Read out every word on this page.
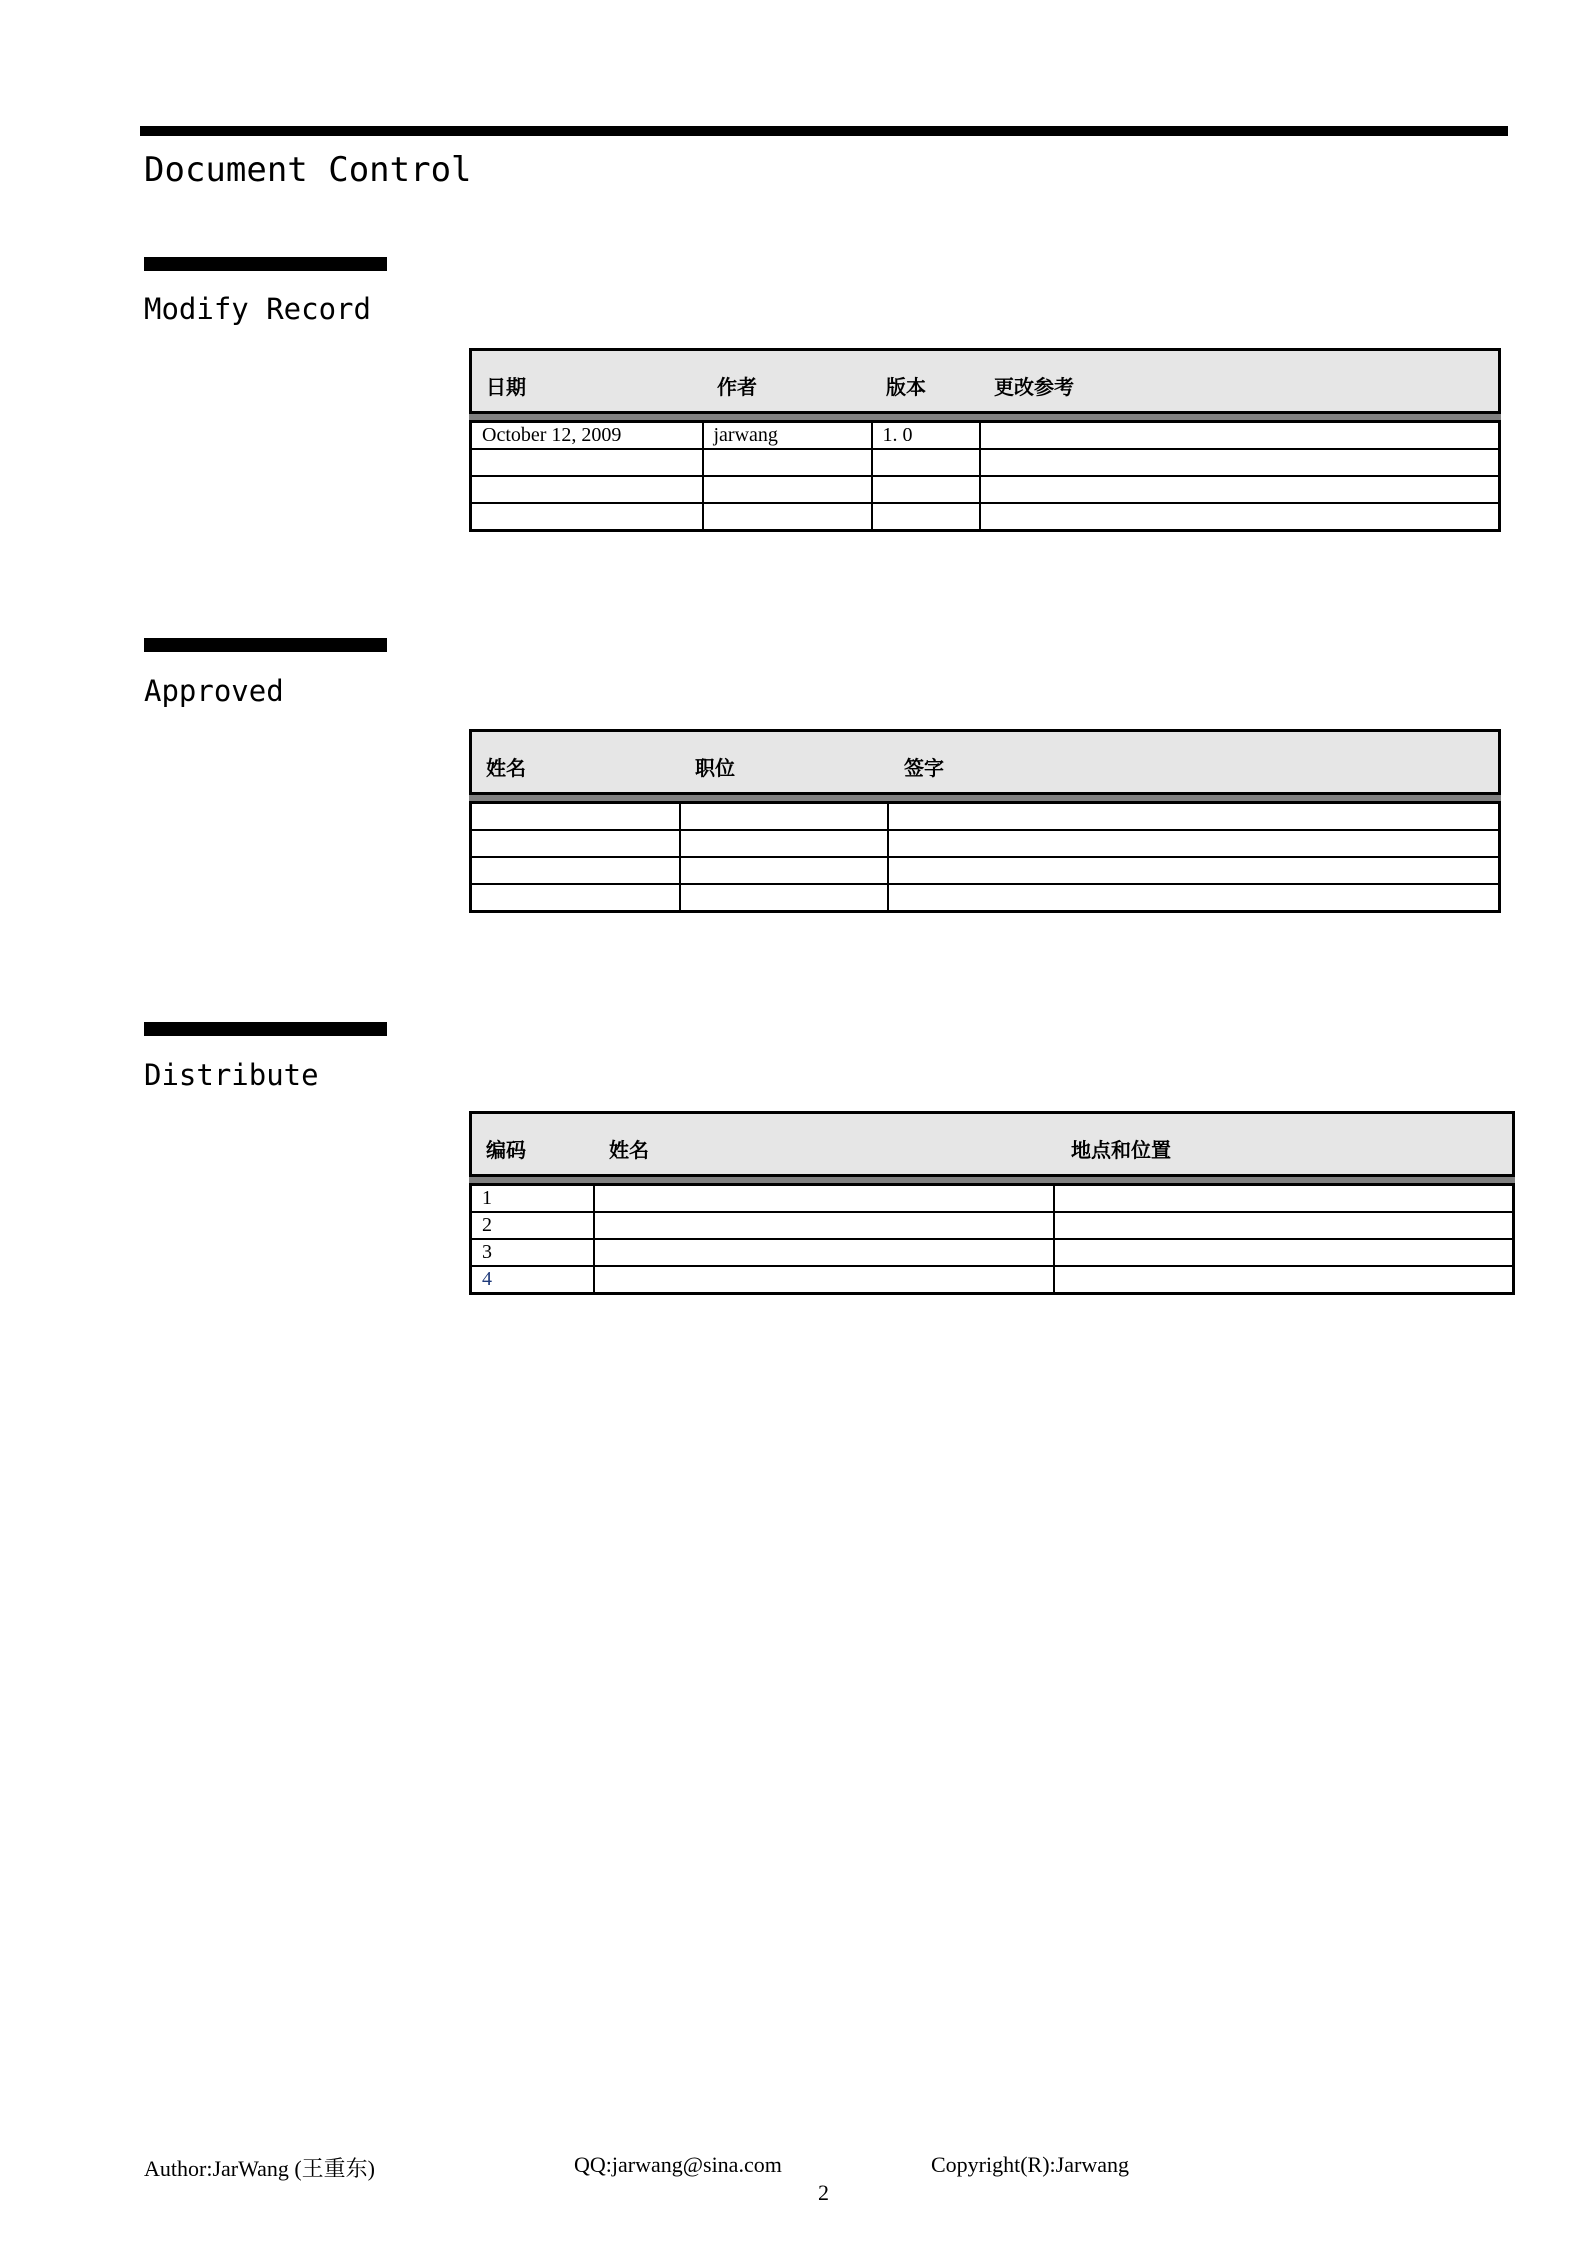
Document Control
Modify Record
日期	作者	版本	更改参考
October 12, 2009	jarwang	1. 0	

Approved
姓名	职位	签字

Distribute
编码	姓名	地点和位置
1		
2		
3		
4		
Author:JarWang (王重东)	QQ:jarwang@sina.com	Copyright(R):Jarwang
2
